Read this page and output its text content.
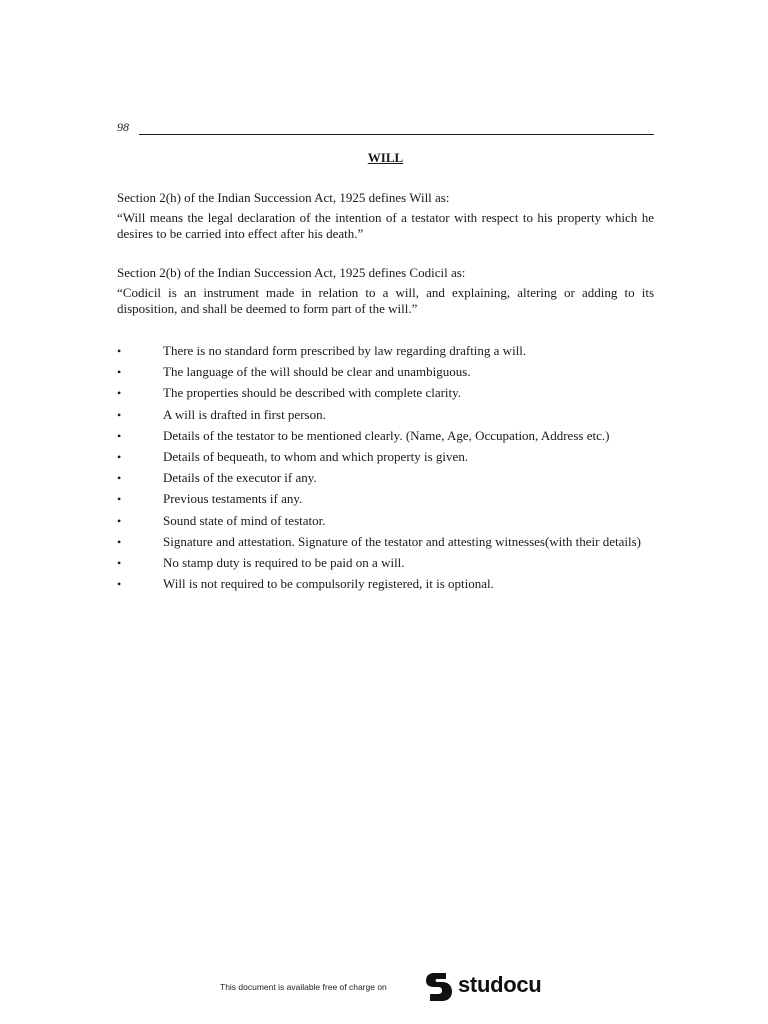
98
WILL

Section 2(h) of the Indian Succession Act, 1925 defines Will as:

“Will means the legal declaration of the intention of a testator with respect to his property which he desires to be carried into effect after his death.”

Section 2(b) of the Indian Succession Act, 1925 defines Codicil as:

“Codicil is an instrument made in relation to a will, and explaining, altering or adding to its disposition, and shall be deemed to form part of the will.”

•	There is no standard form prescribed by law regarding drafting a will.
•	The language of the will should be clear and unambiguous.
•	The properties should be described with complete clarity.
•	A will is drafted in first person.
•	Details of the testator to be mentioned clearly. (Name, Age, Occupation, Address etc.)
•	Details of bequeath, to whom and which property is given.
•	Details of the executor if any.
•	Previous testaments if any.
•	Sound state of mind of testator.
•	Signature and attestation. Signature of the testator and attesting witnesses(with their details)
•	No stamp duty is required to be paid on a will.
•	Will is not required to be compulsorily registered, it is optional.
This document is available free of charge on	studocu
